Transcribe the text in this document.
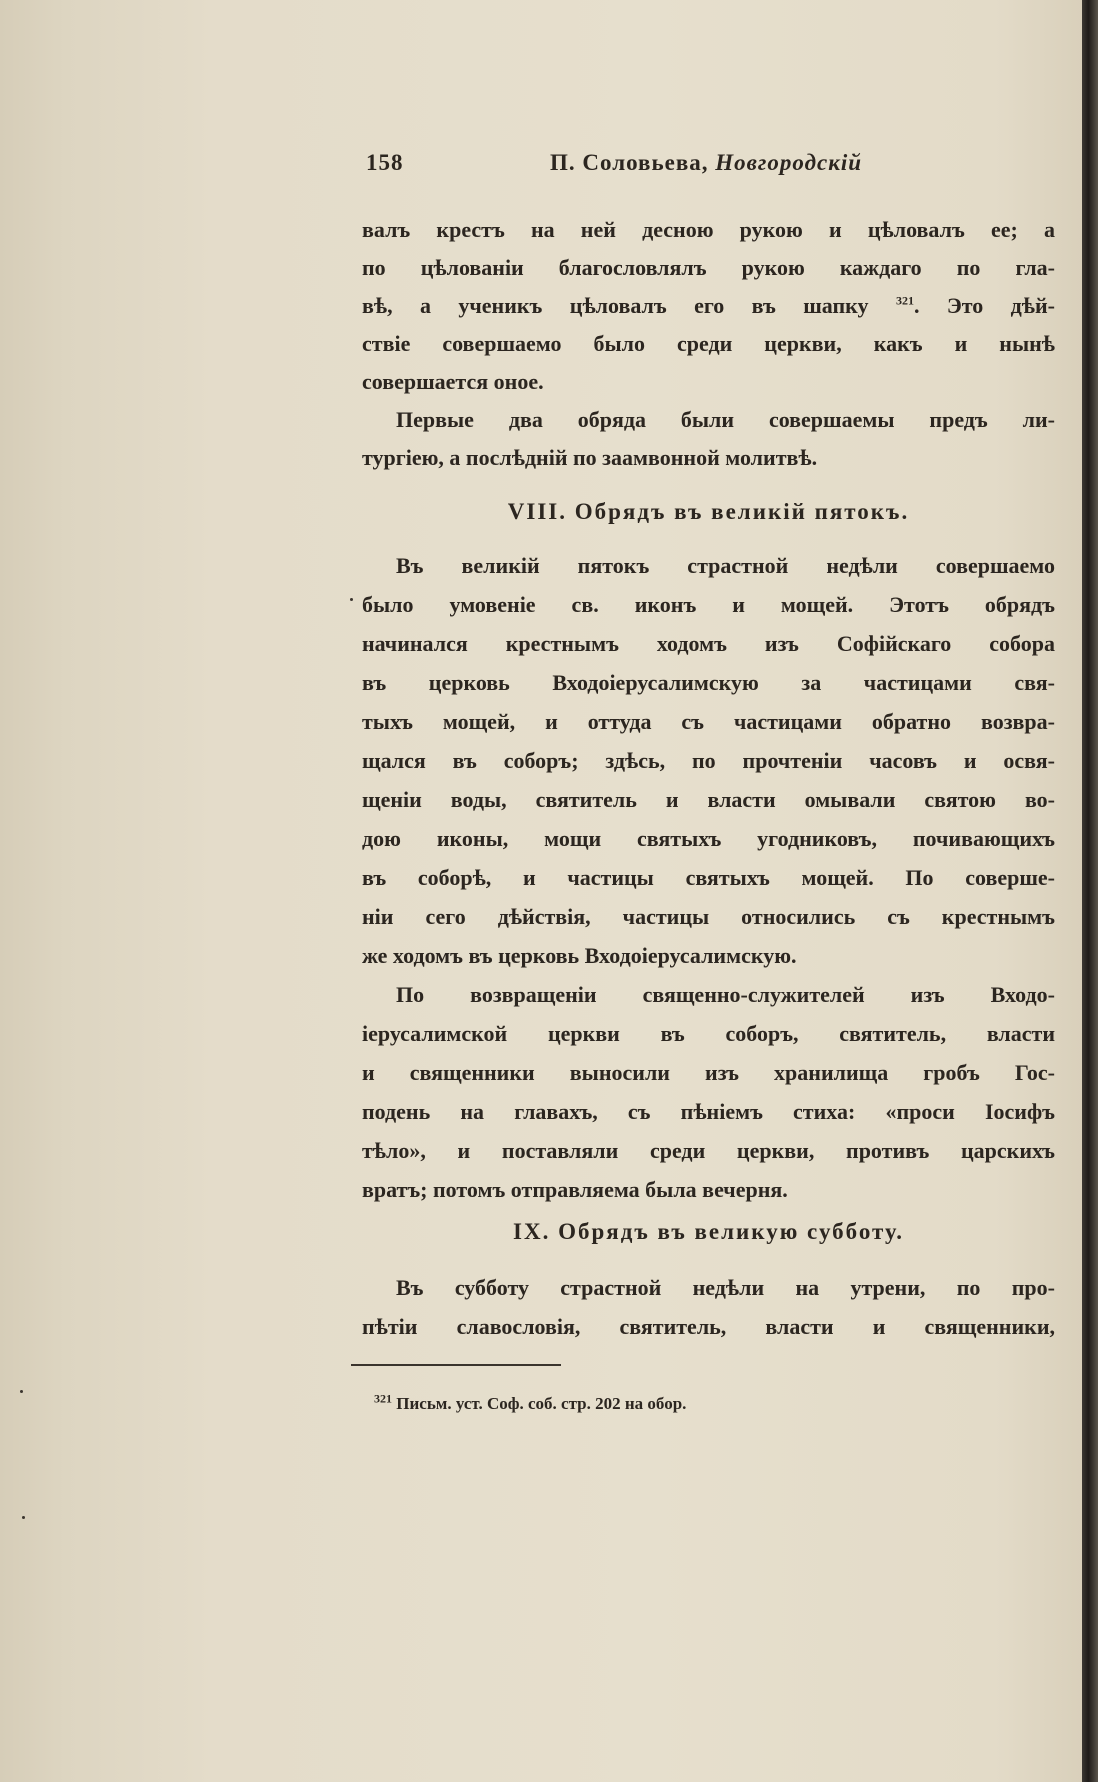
158	П. Соловьева, Новгородскій
валъ крестъ на ней десною рукою и цѣловалъ ее; а
по цѣлованіи благословлялъ рукою каждаго по гла-
вѣ, а ученикъ цѣловалъ его въ шапку $^{321}$. Это дѣй-
ствіе совершаемо было среди церкви, какъ и нынѣ
совершается оное.
Первые два обряда были совершаемы предъ ли-
тургіею, а послѣдній по заамвонной молитвѣ.
VIII. Обрядъ въ великій пятокъ.
Въ великій пятокъ страстной недѣли совершаемо
было умовеніе св. иконъ и мощей. Этотъ обрядъ
начинался крестнымъ ходомъ изъ Софійскаго собора
въ церковь Входоіерусалимскую за частицами свя-
тыхъ мощей, и оттуда съ частицами обратно возвра-
щался въ соборъ; здѣсь, по прочтеніи часовъ и освя-
щеніи воды, святитель и власти омывали святою во-
дою иконы, мощи святыхъ угодниковъ, почивающихъ
въ соборѣ, и частицы святыхъ мощей. По соверше-
ніи сего дѣйствія, частицы относились съ крестнымъ
же ходомъ въ церковь Входоіерусалимскую.
По возвращеніи священно-служителей изъ Входо-
іерусалимской церкви въ соборъ, святитель, власти
и священники выносили изъ хранилища гробъ Гос-
подень на главахъ, съ пѣніемъ стиха: «проси Іосифъ
тѣло», и поставляли среди церкви, противъ царскихъ
вратъ; потомъ отправляема была вечерня.
IX. Обрядъ въ великую субботу.
Въ субботу страстной недѣли на утрени, по про-
пѣтіи славословія, святитель, власти и священники,
$^{321}$ Письм. уст. Соф. соб. стр. 202 на обор.
